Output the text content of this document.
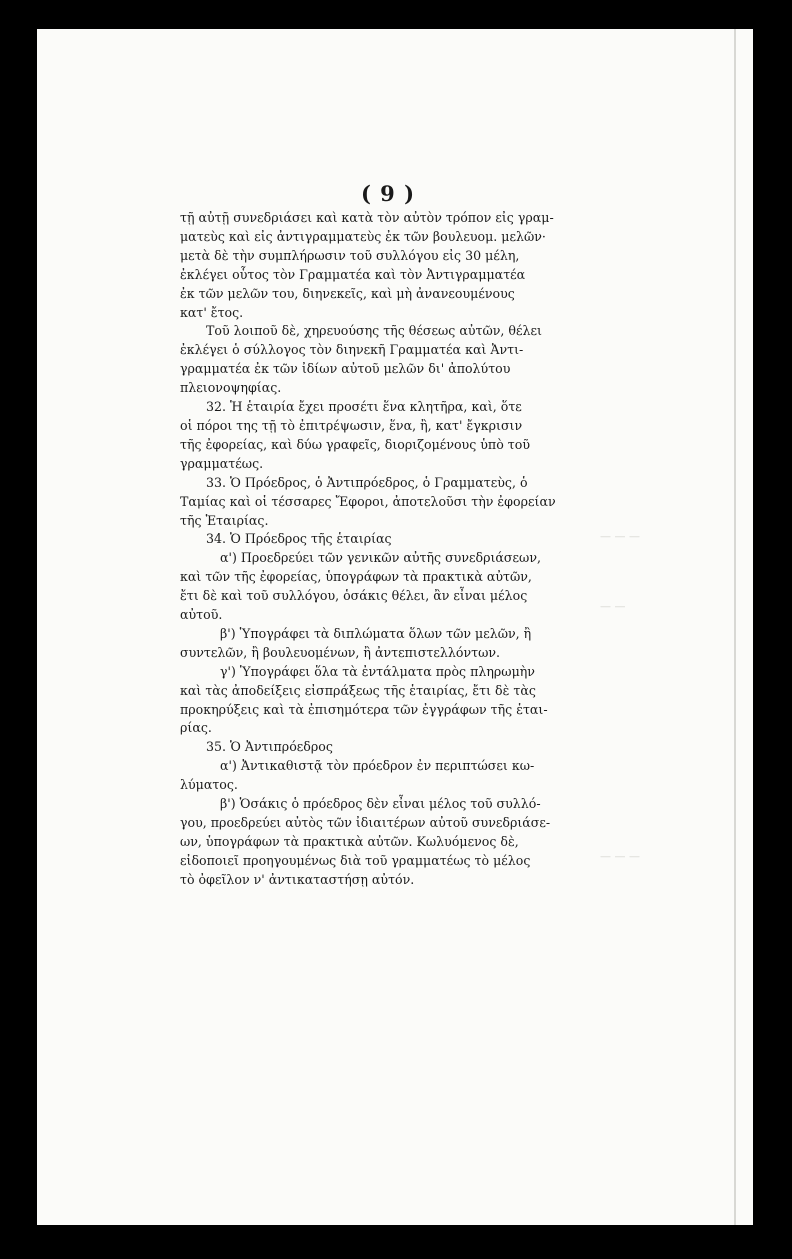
— — —
— —
— — —
( 9 )

τῇ αὐτῇ συνεδριάσει καὶ κατὰ τὸν αὐτὸν τρόπον εἰς γραμ-

ματεὺς καὶ εἰς ἀντιγραμματεὺς ἐκ τῶν βουλευομ. μελῶν·

μετὰ δὲ τὴν συμπλήρωσιν τοῦ συλλόγου εἰς 30 μέλη,

ἐκλέγει οὗτος τὸν Γραμματέα καὶ τὸν Ἀντιγραμματέα

ἐκ τῶν μελῶν του, διηνεκεῖς, καὶ μὴ ἀνανεουμένους

κατ' ἔτος.

Τοῦ λοιποῦ δὲ, χηρευούσης τῆς θέσεως αὐτῶν, θέλει

ἐκλέγει ὁ σύλλογος τὸν διηνεκῆ Γραμματέα καὶ Ἀντι-

γραμματέα ἐκ τῶν ἰδίων αὐτοῦ μελῶν δι' ἀπολύτου

πλειονοψηφίας.

32. Ἡ ἑταιρία ἔχει προσέτι ἕνα κλητῆρα, καὶ, ὅτε

οἱ πόροι της τῇ τὸ ἐπιτρέψωσιν, ἕνα, ἢ, κατ' ἔγκρισιν

τῆς ἐφορείας, καὶ δύω γραφεῖς, διοριζομένους ὑπὸ τοῦ

γραμματέως.

33. Ὁ Πρόεδρος, ὁ Ἀντιπρόεδρος, ὁ Γραμματεὺς, ὁ

Ταμίας καὶ οἱ τέσσαρες Ἔφοροι, ἀποτελοῦσι τὴν ἐφορείαν

τῆς Ἑταιρίας.

34. Ὁ Πρόεδρος τῆς ἑταιρίας

α') Προεδρεύει τῶν γενικῶν αὐτῆς συνεδριάσεων,

καὶ τῶν τῆς ἐφορείας, ὑπογράφων τὰ πρακτικὰ αὐτῶν,

ἔτι δὲ καὶ τοῦ συλλόγου, ὁσάκις θέλει, ἂν εἶναι μέλος

αὐτοῦ.

β') Ὑπογράφει τὰ διπλώματα ὅλων τῶν μελῶν, ἢ

συντελῶν, ἢ βουλευομένων, ἢ ἀντεπιστελλόντων.

γ') Ὑπογράφει ὅλα τὰ ἐντάλματα πρὸς πληρωμὴν

καὶ τὰς ἀποδείξεις εἰσπράξεως τῆς ἑταιρίας, ἔτι δὲ τὰς

προκηρύξεις καὶ τὰ ἐπισημότερα τῶν ἐγγράφων τῆς ἑται-

ρίας.

35. Ὁ Ἀντιπρόεδρος

α') Ἀντικαθιστᾷ τὸν πρόεδρον ἐν περιπτώσει κω-

λύματος.

β') Ὁσάκις ὁ πρόεδρος δὲν εἶναι μέλος τοῦ συλλό-

γου, προεδρεύει αὐτὸς τῶν ἰδιαιτέρων αὐτοῦ συνεδριάσε-

ων, ὑπογράφων τὰ πρακτικὰ αὐτῶν. Κωλυόμενος δὲ,

εἰδοποιεῖ προηγουμένως διὰ τοῦ γραμματέως τὸ μέλος

τὸ ὀφεῖλον ν' ἀντικαταστήσῃ αὐτόν.
